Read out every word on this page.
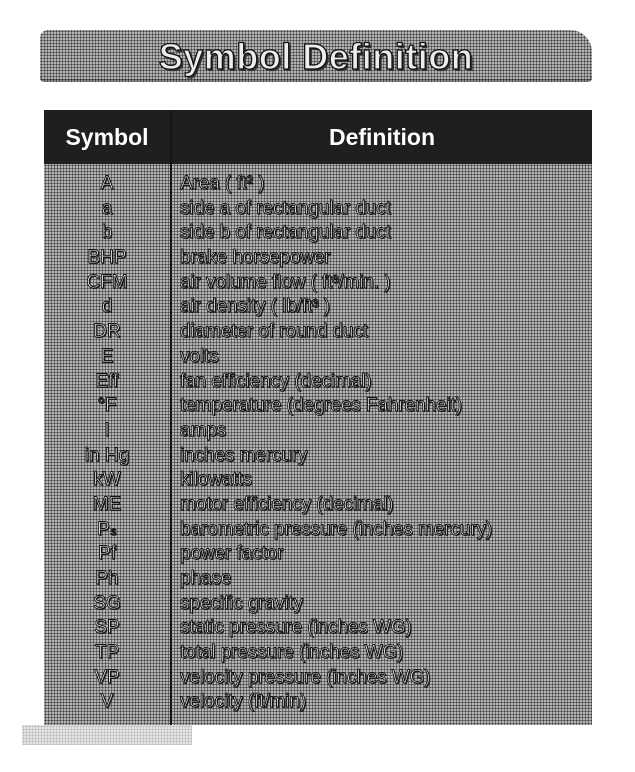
Symbol Definition
Symbol	Definition
A	Area ( ft² )
a	side a of rectangular duct
b	side b of rectangular duct
BHP	brake horsepower
CFM	air volume flow ( ft³/min. )
d	air density ( lb/ft³ )
DR	diameter of round duct
E	volts
Eff	fan efficiency (decimal)
°F	temperature (degrees Fahrenheit)
I	amps
in Hg	inches mercury
kW	kilowatts
ME	motor efficiency (decimal)
Pₛ	barometric pressure (inches mercury)
Pf	power factor
Ph	phase
SG	specific gravity
SP	static pressure (inches WG)
TP	total pressure (inches WG)
VP	velocity pressure (inches WG)
V	velocity (ft/min)
